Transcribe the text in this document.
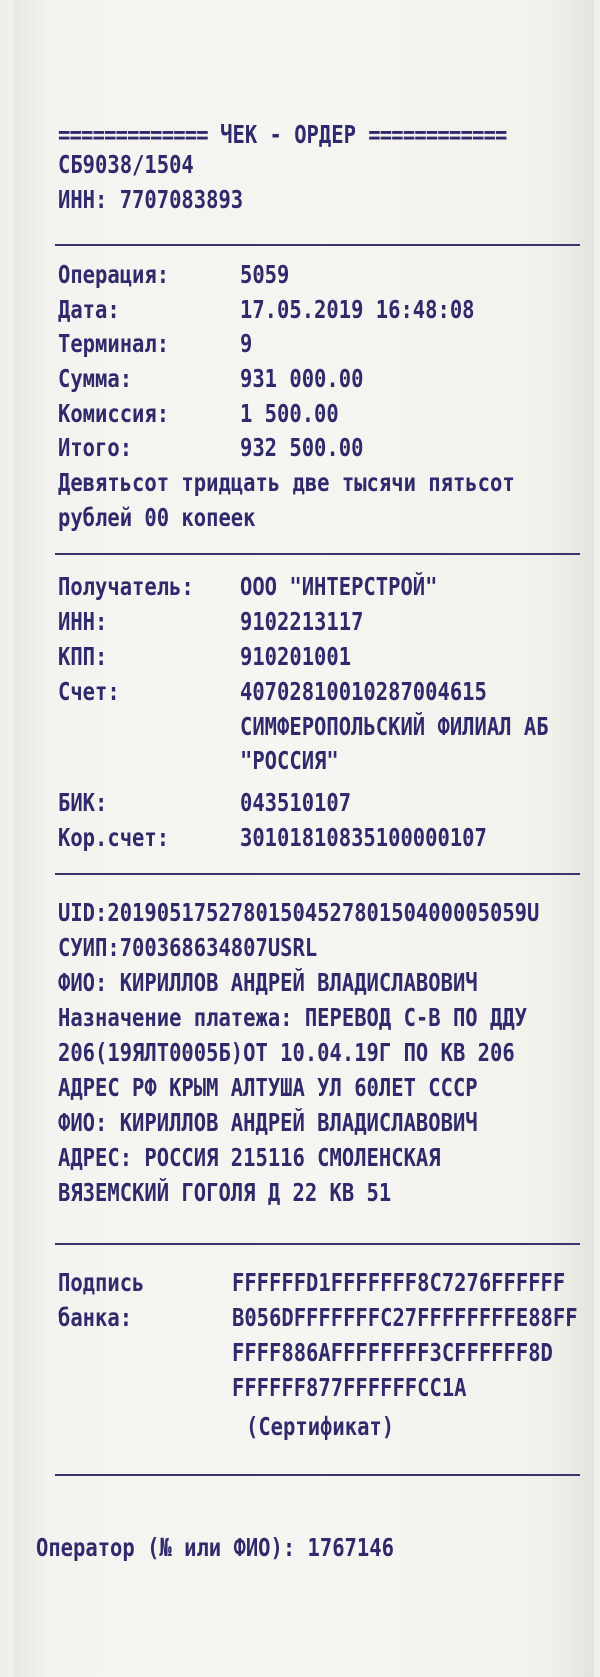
============= ЧЕК - ОРДЕР ============
СБ9038/1504
ИНН: 7707083893
Операция:	5059
Дата:	17.05.2019 16:48:08
Терминал:	9
Сумма:	931 000.00
Комиссия:	1 500.00
Итого:	932 500.00
Девятьсот тридцать две тысячи пятьсот
рублей 00 копеек
Получатель: ООО "ИНТЕРСТРОЙ"
ИНН:	9102213117
КПП:	910201001
Счет:	40702810010287004615
СИМФЕРОПОЛЬСКИЙ ФИЛИАЛ АБ
"РОССИЯ"
БИК:	043510107
Кор.счет:	30101810835100000107
UID:2019051752780150452780150400005059U
СУИП:700368634807USRL
ФИО: КИРИЛЛОВ АНДРЕЙ ВЛАДИСЛАВОВИЧ
Назначение платежа: ПЕРЕВОД С-В ПО ДДУ
206(19ЯЛТ0005Б)ОТ 10.04.19Г ПО КВ 206
АДРЕС РФ КРЫМ АЛТУША УЛ 60ЛЕТ СССР
ФИО: КИРИЛЛОВ АНДРЕЙ ВЛАДИСЛАВОВИЧ
АДРЕС: РОССИЯ 215116 СМОЛЕНСКАЯ
ВЯЗЕМСКИЙ ГОГОЛЯ Д 22 КВ 51
Подпись
банка:
FFFFFFD1FFFFFFF8C7276FFFFFF
B056DFFFFFFFC27FFFFFFFFE88FF
FFFF886AFFFFFFFF3CFFFFFF8D
FFFFFF877FFFFFFCC1A
(Сертификат)
Оператор (№ или ФИО): 1767146
